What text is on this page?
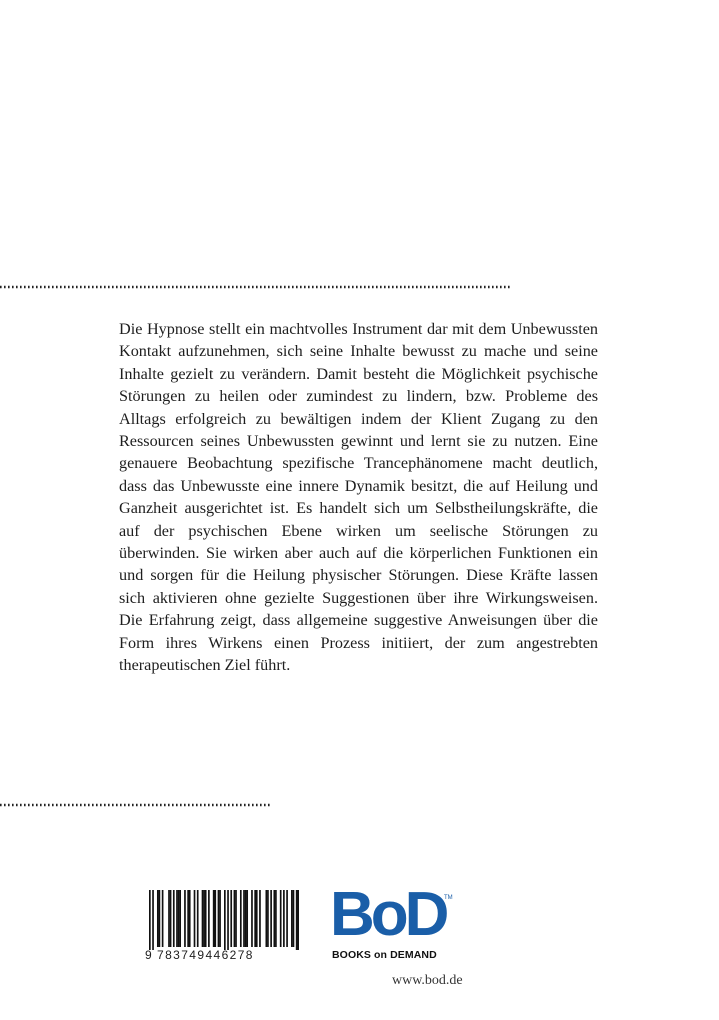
Die Hypnose stellt ein machtvolles Instrument dar mit dem Unbewussten Kontakt aufzunehmen, sich seine Inhalte bewusst zu mache und seine Inhalte gezielt zu verändern. Damit besteht die Möglichkeit psychische Störungen zu heilen oder zumindest zu lindern, bzw. Probleme des Alltags erfolgreich zu bewältigen indem der Klient Zugang zu den Ressourcen seines Unbewussten gewinnt und lernt sie zu nutzen. Eine genauere Beobachtung spezifische Trancephänomene macht deutlich, dass das Unbewusste eine innere Dynamik besitzt, die auf Heilung und Ganzheit ausgerichtet ist. Es handelt sich um Selbstheilungskräfte, die auf der psychischen Ebene wirken um seelische Störungen zu überwinden. Sie wirken aber auch auf die körperlichen Funktionen ein und sorgen für die Heilung physischer Störungen. Diese Kräfte lassen sich aktivieren ohne gezielte Suggestionen über ihre Wirkungsweisen. Die Erfahrung zeigt, dass allgemeine suggestive Anweisungen über die Form ihres Wirkens einen Prozess initiiert, der zum angestrebten therapeutischen Ziel führt.

9 783749446278
BoD
TM
BOOKS on DEMAND
www.bod.de
